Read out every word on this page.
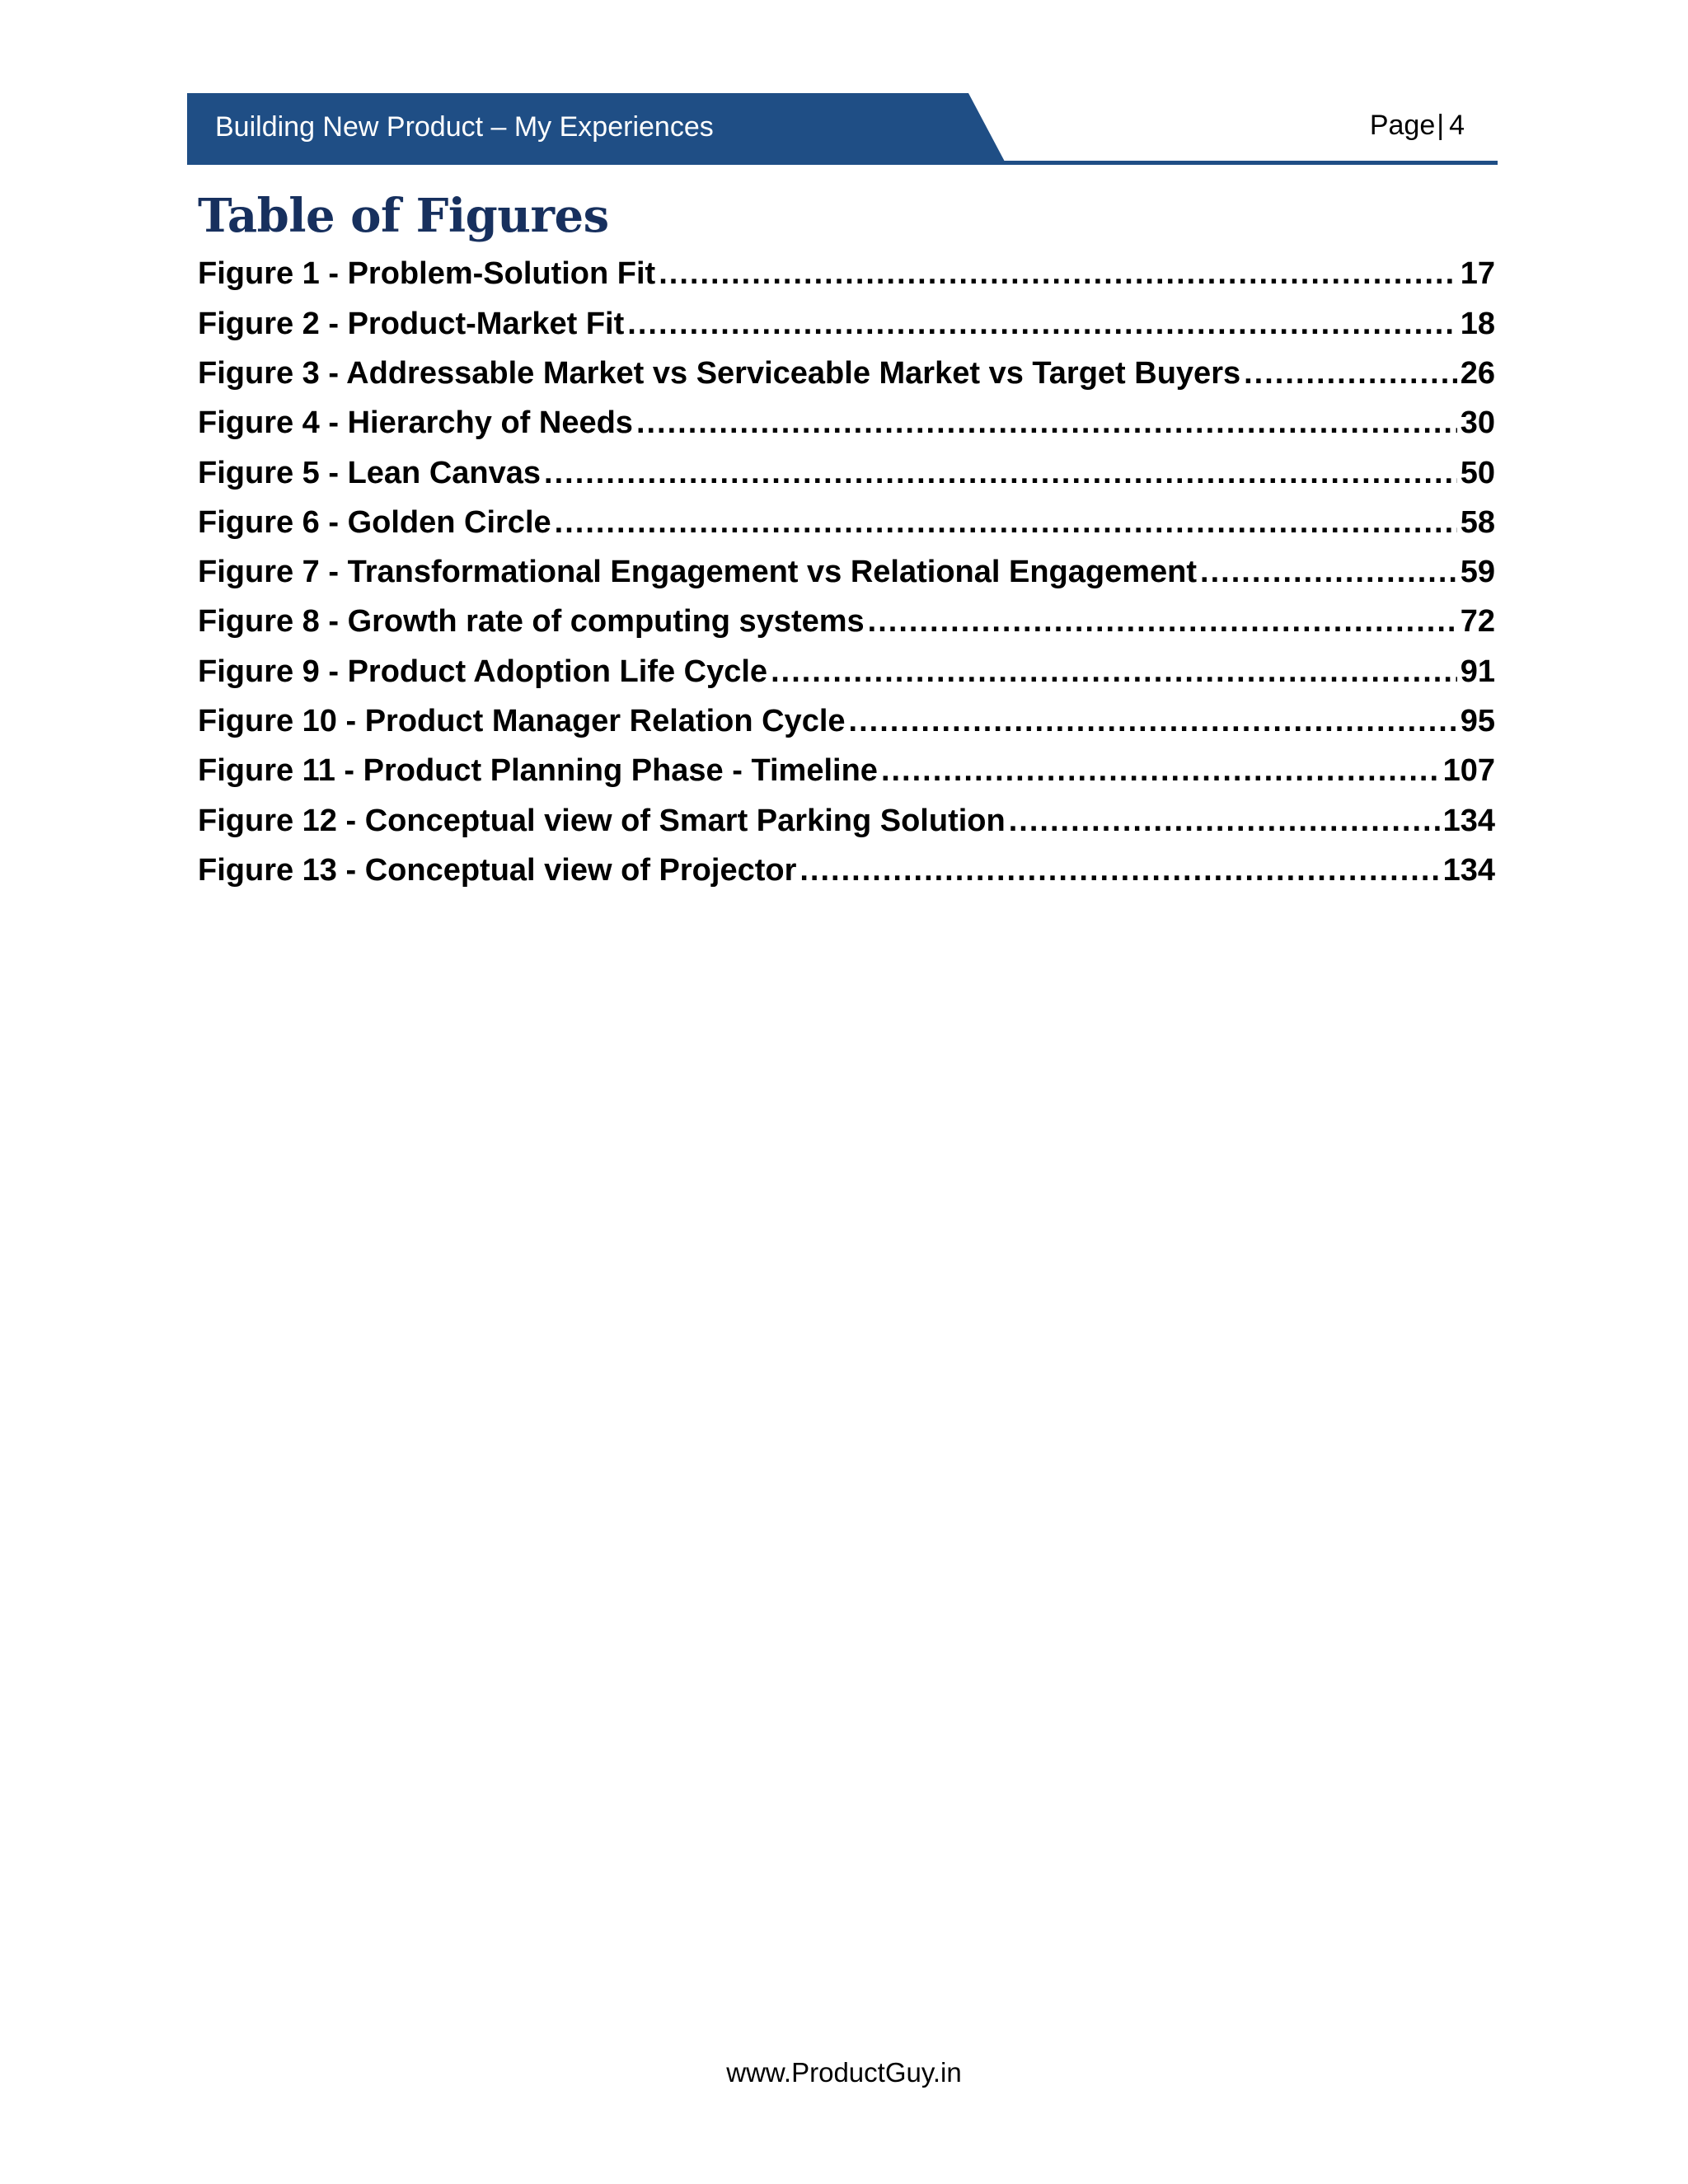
Building New Product – My Experiences	Page| 4
Table of Figures
Figure 1 - Problem-Solution Fit .....	17
Figure 2 - Product-Market Fit .....	18
Figure 3 - Addressable Market vs Serviceable Market vs Target Buyers .....	26
Figure 4 - Hierarchy of Needs .....	30
Figure 5 - Lean Canvas .....	50
Figure 6 - Golden Circle .....	58
Figure 7 - Transformational Engagement vs Relational Engagement .....	59
Figure 8 - Growth rate of computing systems .....	72
Figure 9 - Product Adoption Life Cycle .....	91
Figure 10 - Product Manager Relation Cycle .....	95
Figure 11 - Product Planning Phase - Timeline .....	107
Figure 12 - Conceptual view of Smart Parking Solution .....	134
Figure 13 - Conceptual view of Projector .....	134
www.ProductGuy.in
